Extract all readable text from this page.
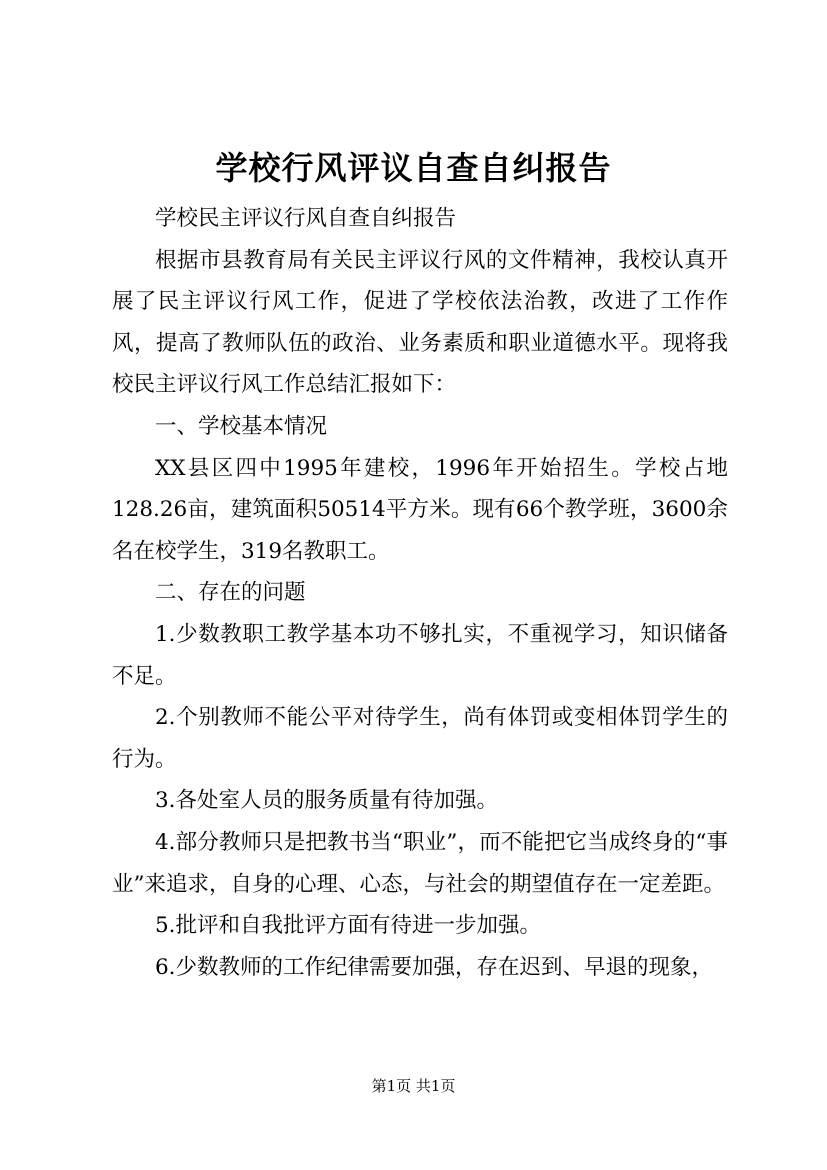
学校行风评议自查自纠报告

学校民主评议行风自查自纠报告

根据市县教育局有关民主评议行风的文件精神，我校认真开展了民主评议行风工作，促进了学校依法治教，改进了工作作风，提高了教师队伍的政治、业务素质和职业道德水平。现将我校民主评议行风工作总结汇报如下：

一、学校基本情况

XX县区四中1995年建校，1996年开始招生。学校占地128.26亩，建筑面积50514平方米。现有66个教学班，3600余名在校学生，319名教职工。

二、存在的问题

1.少数教职工教学基本功不够扎实，不重视学习，知识储备不足。

2.个别教师不能公平对待学生，尚有体罚或变相体罚学生的行为。

3.各处室人员的服务质量有待加强。

4.部分教师只是把教书当“职业”，而不能把它当成终身的“事业”来追求，自身的心理、心态，与社会的期望值存在一定差距。

5.批评和自我批评方面有待进一步加强。

6.少数教师的工作纪律需要加强，存在迟到、早退的现象，

第1页 共1页
